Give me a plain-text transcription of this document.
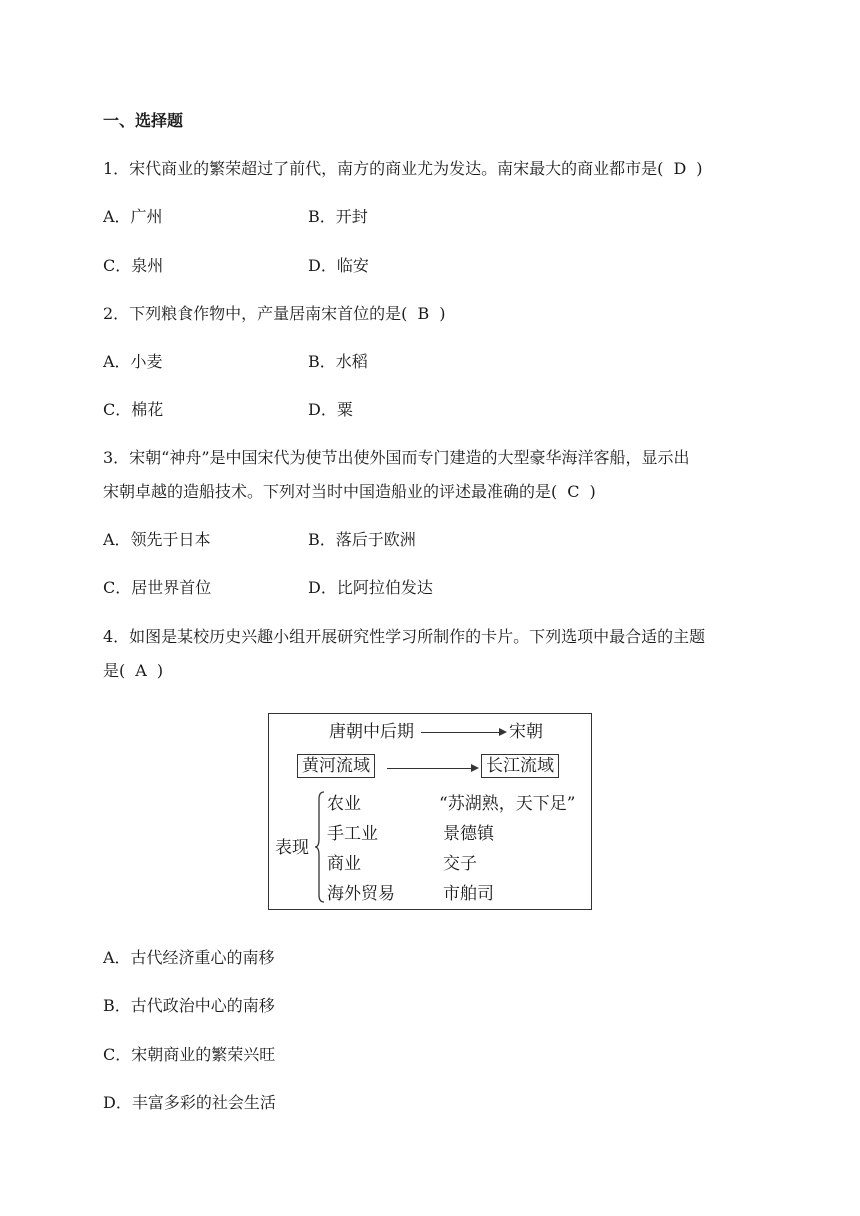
一、选择题
1．宋代商业的繁荣超过了前代，南方的商业尤为发达。南宋最大的商业都市是( D )
A．广州	B．开封
C．泉州	D．临安
2．下列粮食作物中，产量居南宋首位的是( B )
A．小麦	B．水稻
C．棉花	D．粟
3．宋朝“神舟”是中国宋代为使节出使外国而专门建造的大型豪华海洋客船，显示出
宋朝卓越的造船技术。下列对当时中国造船业的评述最准确的是( C )
A．领先于日本	B．落后于欧洲
C．居世界首位	D．比阿拉伯发达
4．如图是某校历史兴趣小组开展研究性学习所制作的卡片。下列选项中最合适的主题
是( A )
唐朝中后期	宋朝
黄河流域	长江流域
表现
农业	“苏湖熟，天下足”
手工业	景德镇
商业	交子
海外贸易	市舶司
A．古代经济重心的南移
B．古代政治中心的南移
C．宋朝商业的繁荣兴旺
D．丰富多彩的社会生活
